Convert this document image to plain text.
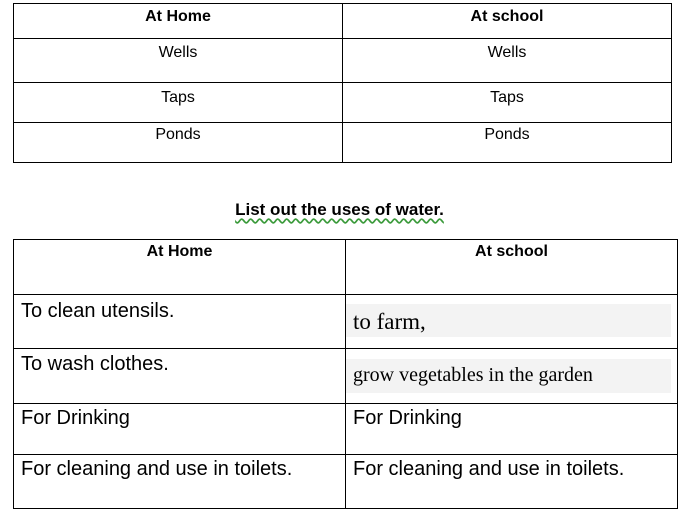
At Home	At school
Wells	Wells
Taps	Taps
Ponds	Ponds
List out the uses of water.
At Home	At school
To clean utensils.	to farm,

To wash clothes.	grow vegetables in the garden

For Drinking	For Drinking
For cleaning and use in toilets.	For cleaning and use in toilets.
